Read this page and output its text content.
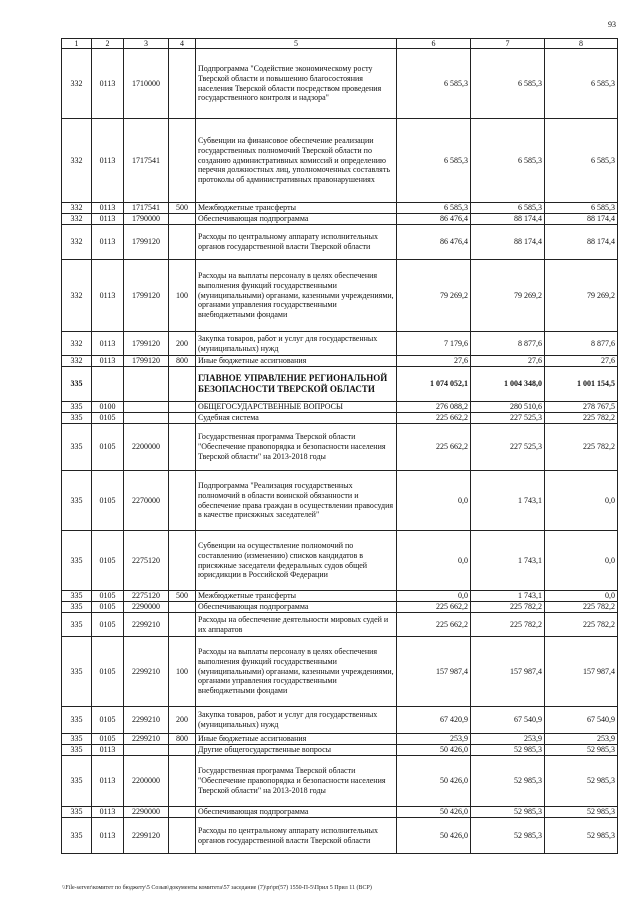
93
1	2	3	4	5	6	7	8
332	0113	1710000		Подпрограмма "Содействие экономическому росту Тверской области и повышению благосостояния населения Тверской области посредством проведения государственного контроля и надзора"	6 585,3	6 585,3	6 585,3
332	0113	1717541		Субвенции на финансовое обеспечение реализации государственных полномочий Тверской области по созданию административных комиссий и определению перечня должностных лиц, уполномоченных составлять протоколы об административных правонарушениях	6 585,3	6 585,3	6 585,3
332	0113	1717541	500	Межбюджетные трансферты	6 585,3	6 585,3	6 585,3
332	0113	1790000		Обеспечивающая подпрограмма	86 476,4	88 174,4	88 174,4
332	0113	1799120		Расходы по центральному аппарату исполнительных органов государственной власти Тверской области	86 476,4	88 174,4	88 174,4
332	0113	1799120	100	Расходы на выплаты персоналу в целях обеспечения выполнения функций государственными (муниципальными) органами, казенными учреждениями, органами управления государственными внебюджетными фондами	79 269,2	79 269,2	79 269,2
332	0113	1799120	200	Закупка товаров, работ и услуг для государственных (муниципальных) нужд	7 179,6	8 877,6	8 877,6
332	0113	1799120	800	Иные бюджетные ассигнования	27,6	27,6	27,6
335				ГЛАВНОЕ УПРАВЛЕНИЕ РЕГИОНАЛЬНОЙ БЕЗОПАСНОСТИ ТВЕРСКОЙ ОБЛАСТИ	1 074 052,1	1 004 348,0	1 001 154,5
335	0100			ОБЩЕГОСУДАРСТВЕННЫЕ ВОПРОСЫ	276 088,2	280 510,6	278 767,5
335	0105			Судебная система	225 662,2	227 525,3	225 782,2
335	0105	2200000		Государственная программа Тверской области "Обеспечение правопорядка и безопасности населения Тверской области" на 2013-2018 годы	225 662,2	227 525,3	225 782,2
335	0105	2270000		Подпрограмма "Реализация государственных полномочий в области воинской обязанности и обеспечение права граждан в осуществлении правосудия в качестве присяжных заседателей"	0,0	1 743,1	0,0
335	0105	2275120		Субвенции на осуществление полномочий по составлению (изменению) списков кандидатов в присяжные заседатели федеральных судов общей юрисдикции в Российской Федерации	0,0	1 743,1	0,0
335	0105	2275120	500	Межбюджетные трансферты	0,0	1 743,1	0,0
335	0105	2290000		Обеспечивающая подпрограмма	225 662,2	225 782,2	225 782,2
335	0105	2299210		Расходы на обеспечение деятельности мировых судей и их аппаратов	225 662,2	225 782,2	225 782,2
335	0105	2299210	100	Расходы на выплаты персоналу в целях обеспечения выполнения функций государственными (муниципальными) органами, казенными учреждениями, органами управления государственными внебюджетными фондами	157 987,4	157 987,4	157 987,4
335	0105	2299210	200	Закупка товаров, работ и услуг для государственных (муниципальных) нужд	67 420,9	67 540,9	67 540,9
335	0105	2299210	800	Иные бюджетные ассигнования	253,9	253,9	253,9
335	0113			Другие общегосударственные вопросы	50 426,0	52 985,3	52 985,3
335	0113	2200000		Государственная программа Тверской области "Обеспечение правопорядка и безопасности населения Тверской области" на 2013-2018 годы	50 426,0	52 985,3	52 985,3
335	0113	2290000		Обеспечивающая подпрограмма	50 426,0	52 985,3	52 985,3
335	0113	2299120		Расходы по центральному аппарату исполнительных органов государственной власти Тверской области	50 426,0	52 985,3	52 985,3
\\File-server\комитет по бюджету\5 Созыв\документы комитета\57 заседание (7)\pr\pr(57) 1550-П-5\Прил 5 Прил 11 (ВСР)
